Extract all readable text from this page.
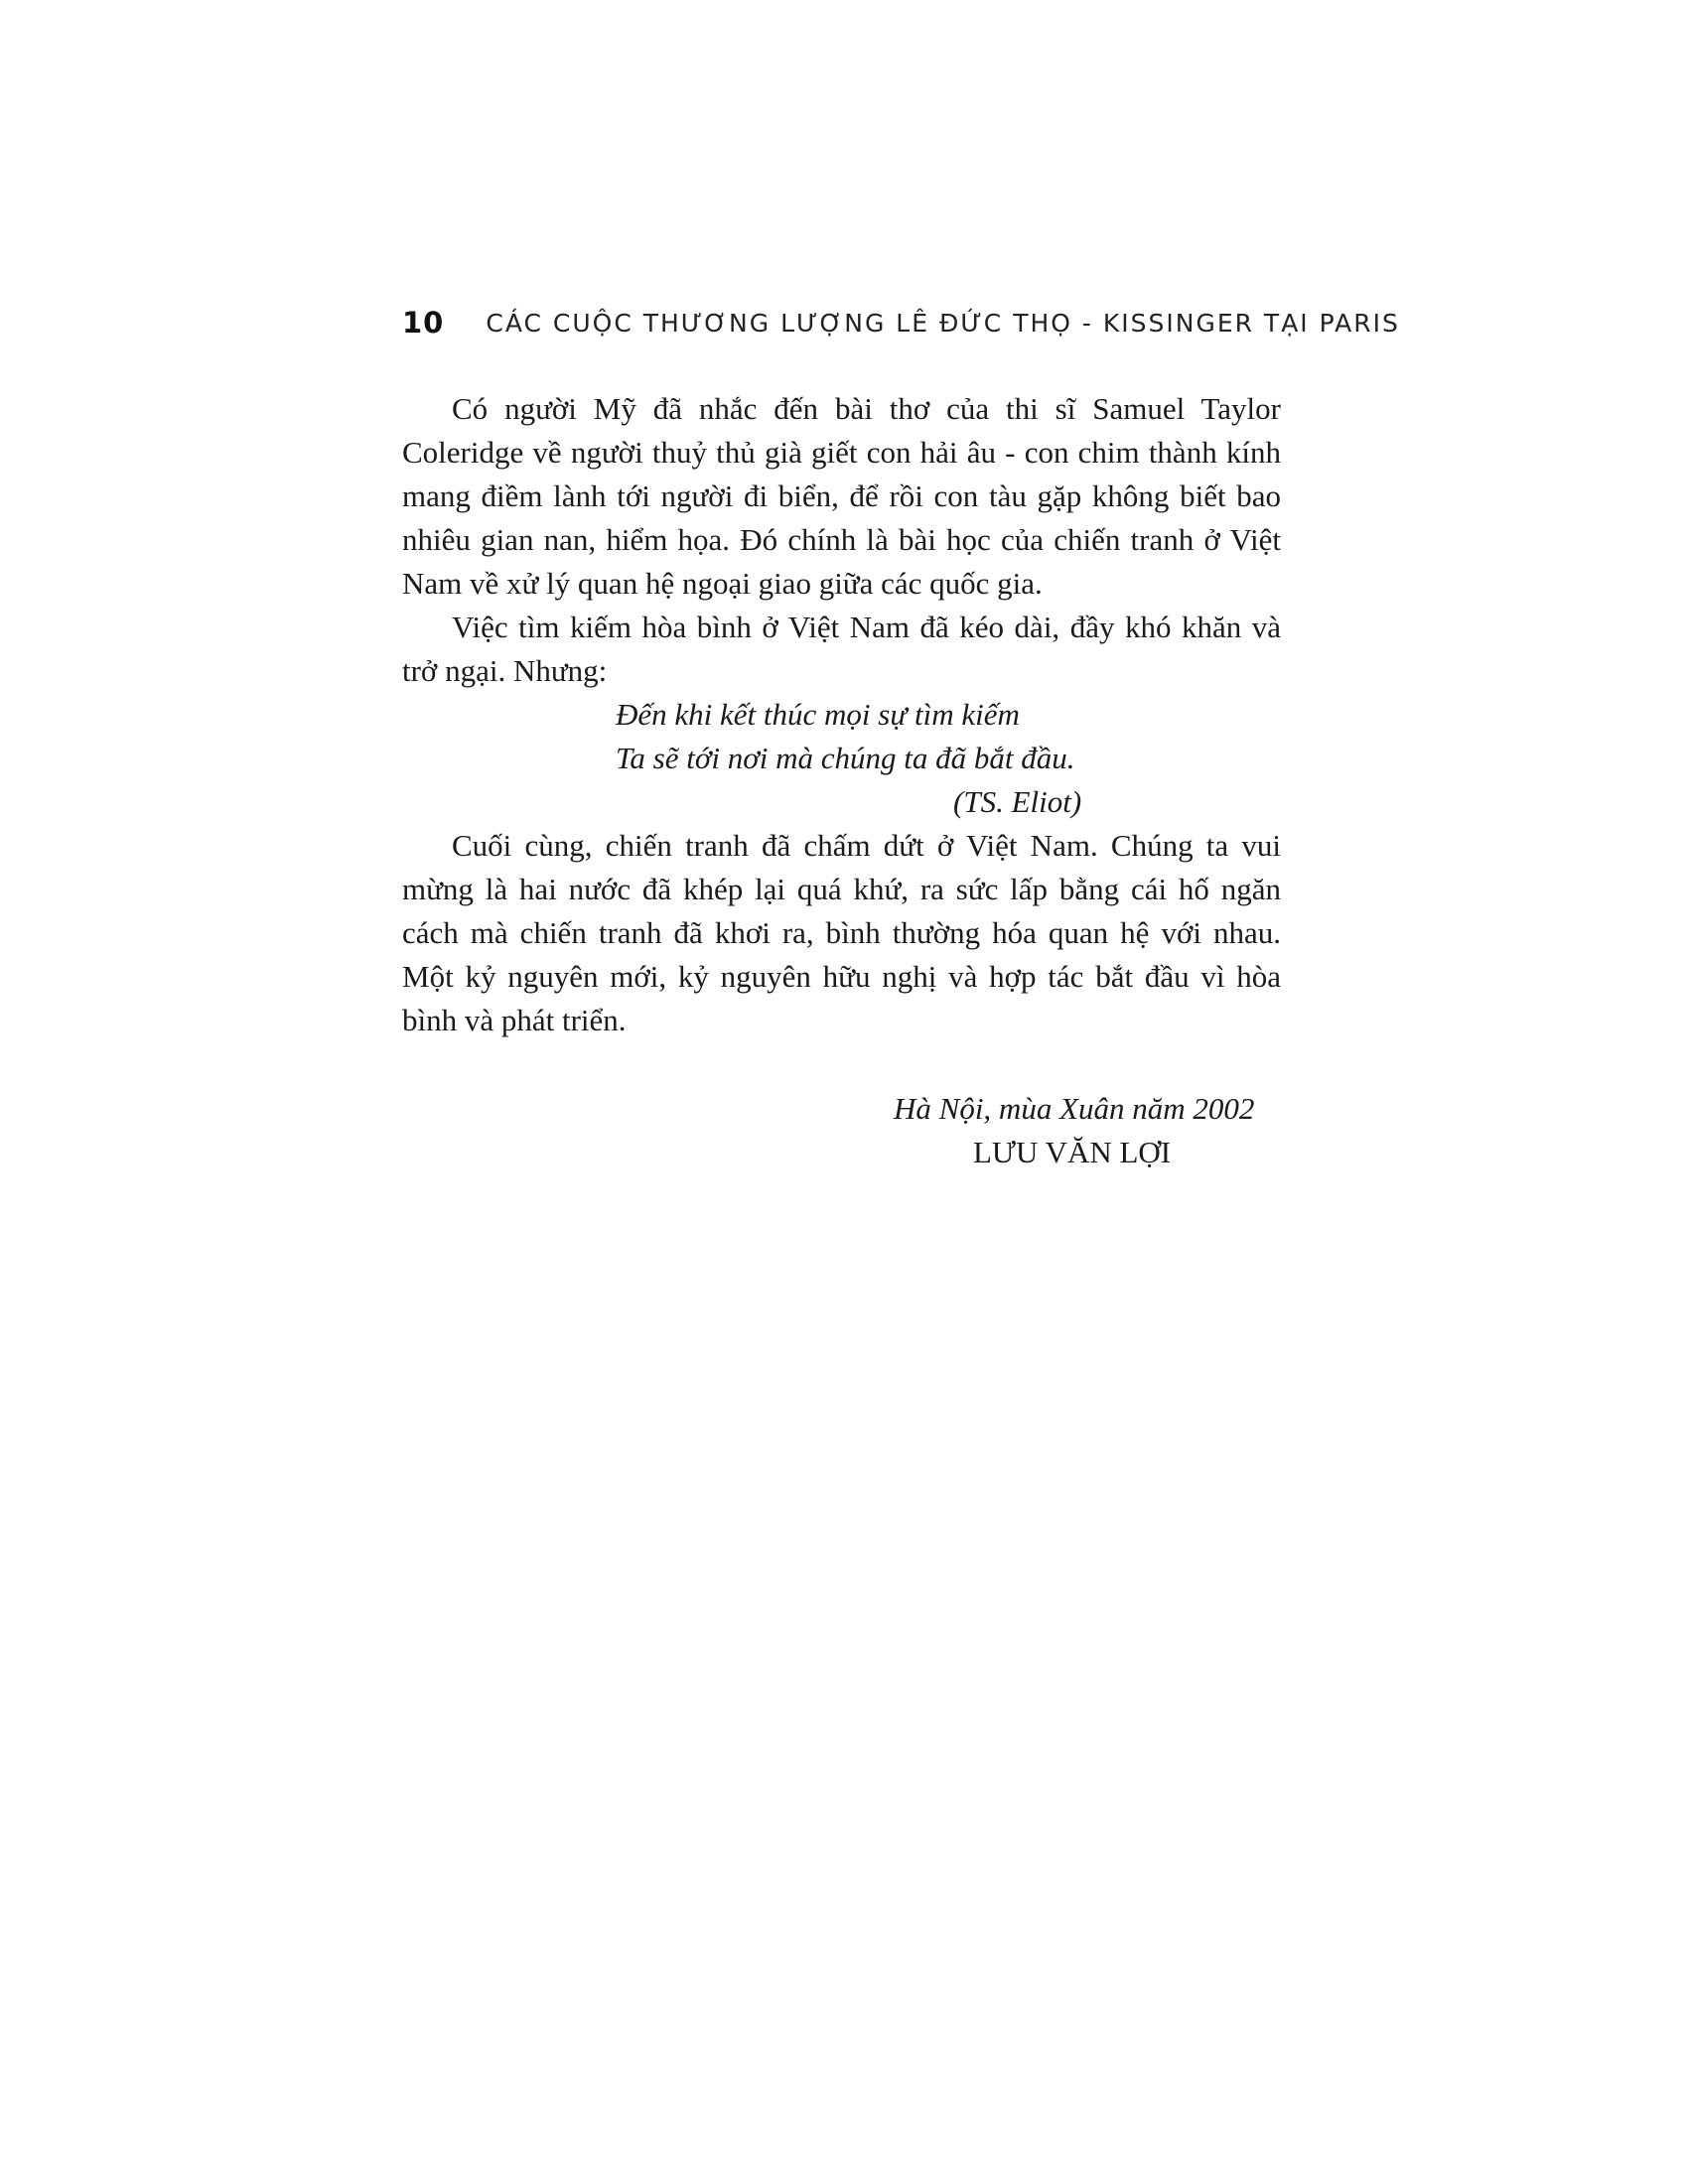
10 CÁC CUỘC THƯƠNG LƯỢNG LÊ ĐỨC THỌ - KISSINGER TẠI PARIS

Có người Mỹ đã nhắc đến bài thơ của thi sĩ Samuel Taylor Coleridge về người thuỷ thủ già giết con hải âu - con chim thành kính mang điềm lành tới người đi biển, để rồi con tàu gặp không biết bao nhiêu gian nan, hiểm họa. Đó chính là bài học của chiến tranh ở Việt Nam về xử lý quan hệ ngoại giao giữa các quốc gia.

Việc tìm kiếm hòa bình ở Việt Nam đã kéo dài, đầy khó khăn và trở ngại. Nhưng:

Đến khi kết thúc mọi sự tìm kiếm
Ta sẽ tới nơi mà chúng ta đã bắt đầu.
(TS. Eliot)

Cuối cùng, chiến tranh đã chấm dứt ở Việt Nam. Chúng ta vui mừng là hai nước đã khép lại quá khứ, ra sức lấp bằng cái hố ngăn cách mà chiến tranh đã khơi ra, bình thường hóa quan hệ với nhau. Một kỷ nguyên mới, kỷ nguyên hữu nghị và hợp tác bắt đầu vì hòa bình và phát triển.

Hà Nội, mùa Xuân năm 2002
LƯU VĂN LỢI
